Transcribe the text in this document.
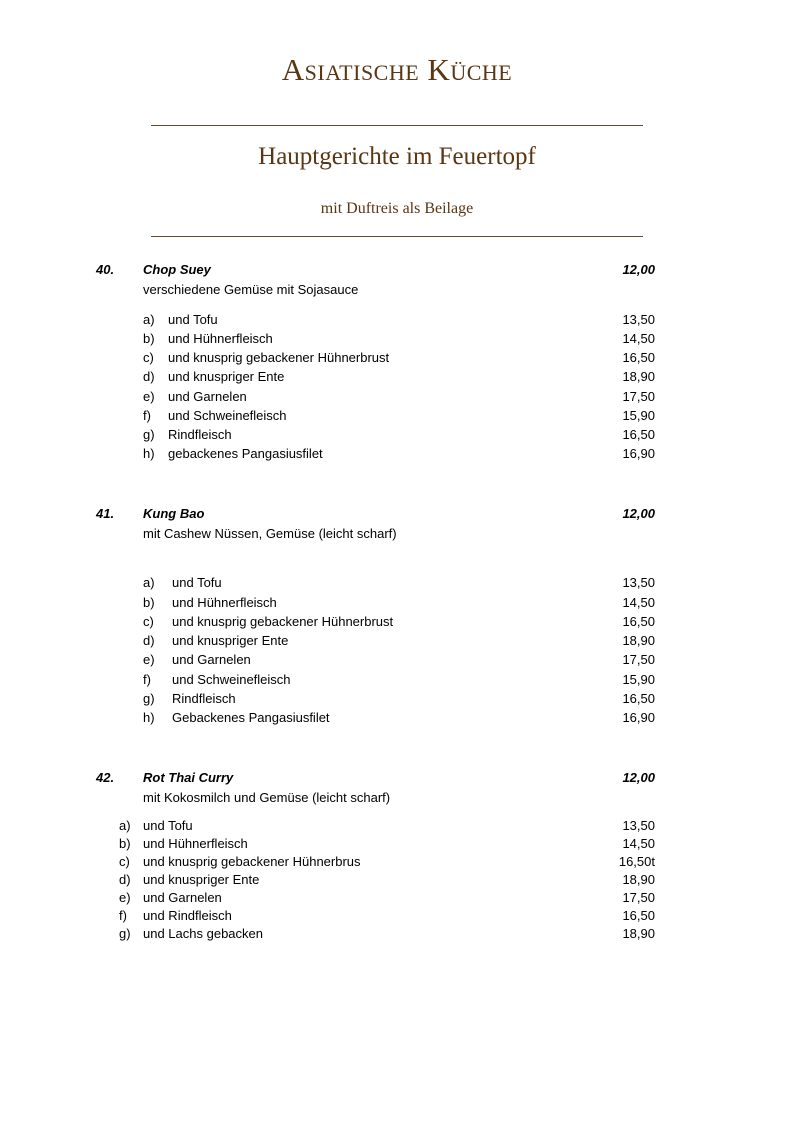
Asiatische Küche
Hauptgerichte im Feuertopf
mit Duftreis als Beilage
40. Chop Suey	12,00
verschiedene Gemüse mit Sojasauce
a) und Tofu	13,50
b) und Hühnerfleisch	14,50
c) und knusprig gebackener Hühnerbrust	16,50
d) und knuspriger Ente	18,90
e) und Garnelen	17,50
f) und Schweinefleisch	15,90
g) Rindfleisch	16,50
h) gebackenes Pangasiusfilet	16,90
41. Kung Bao	12,00
mit Cashew Nüssen, Gemüse (leicht scharf)
a) und Tofu	13,50
b) und Hühnerfleisch	14,50
c) und knusprig gebackener Hühnerbrust	16,50
d) und knuspriger Ente	18,90
e) und Garnelen	17,50
f) und Schweinefleisch	15,90
g) Rindfleisch	16,50
h) Gebackenes Pangasiusfilet	16,90
42. Rot Thai Curry	12,00
mit Kokosmilch und Gemüse (leicht scharf)
a) und Tofu	13,50
b) und Hühnerfleisch	14,50
c) und knusprig gebackener Hühnerbrus	16,50t
d) und knuspriger Ente	18,90
e) und Garnelen	17,50
f) und Rindfleisch	16,50
g) und Lachs gebacken	18,90
